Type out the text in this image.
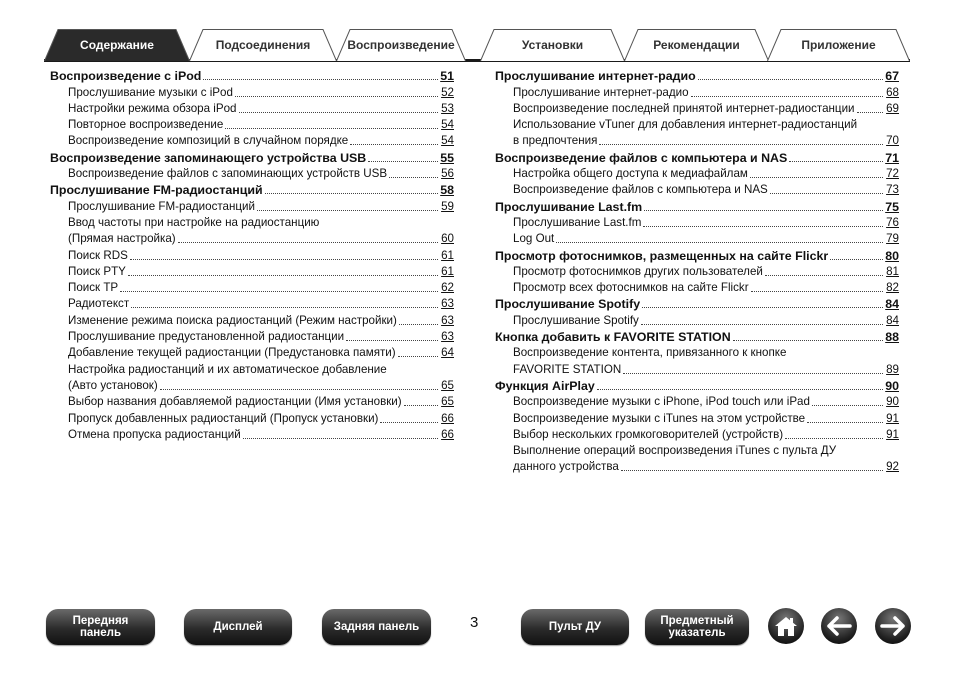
Содержание	Подсоединения	Воспроизведение	Установки	Рекомендации	Приложение
Воспроизведение с iPod	51
Прослушивание музыки с iPod	52
Настройки режима обзора iPod	53
Повторное воспроизведение	54
Воспроизведение композиций в случайном порядке	54
Воспроизведение запоминающего устройства USB	55
Воспроизведение файлов с запоминающих устройств USB	56
Прослушивание FM-радиостанций	58
Прослушивание FM-радиостанций	59
Ввод частоты при настройке на радиостанцию
(Прямая настройка)	60
Поиск RDS	61
Поиск PTY	61
Поиск TP	62
Радиотекст	63
Изменение режима поиска радиостанций (Режим настройки)	63
Прослушивание предустановленной радиостанции	63
Добавление текущей радиостанции (Предустановка памяти)	64
Настройка радиостанций и их автоматическое добавление
(Авто установок)	65
Выбор названия добавляемой радиостанции (Имя установки)	65
Пропуск добавленных радиостанций (Пропуск установки)	66
Отмена пропуска радиостанций	66
Прослушивание интернет-радио	67
Прослушивание интернет-радио	68
Воспроизведение последней принятой интернет-радиостанции	69
Использование vTuner для добавления интернет-радиостанций
в предпочтения	70
Воспроизведение файлов с компьютера и NAS	71
Настройка общего доступа к медиафайлам	72
Воспроизведение файлов с компьютера и NAS	73
Прослушивание Last.fm	75
Прослушивание Last.fm	76
Log Out	79
Просмотр фотоснимков, размещенных на сайте Flickr	80
Просмотр фотоснимков других пользователей	81
Просмотр всех фотоснимков на сайте Flickr	82
Прослушивание Spotify	84
Прослушивание Spotify	84
Кнопка добавить к FAVORITE STATION	88
Воспроизведение контента, привязанного к кнопке
FAVORITE STATION	89
Функция AirPlay	90
Воспроизведение музыки с iPhone, iPod touch или iPad	90
Воспроизведение музыки с iTunes на этом устройстве	91
Выбор нескольких громкоговорителей (устройств)	91
Выполнение операций воспроизведения iTunes с пульта ДУ
данного устройства	92
Передняя
панель	Дисплей	Задняя панель	3	Пульт ДУ	Предметный
указатель
